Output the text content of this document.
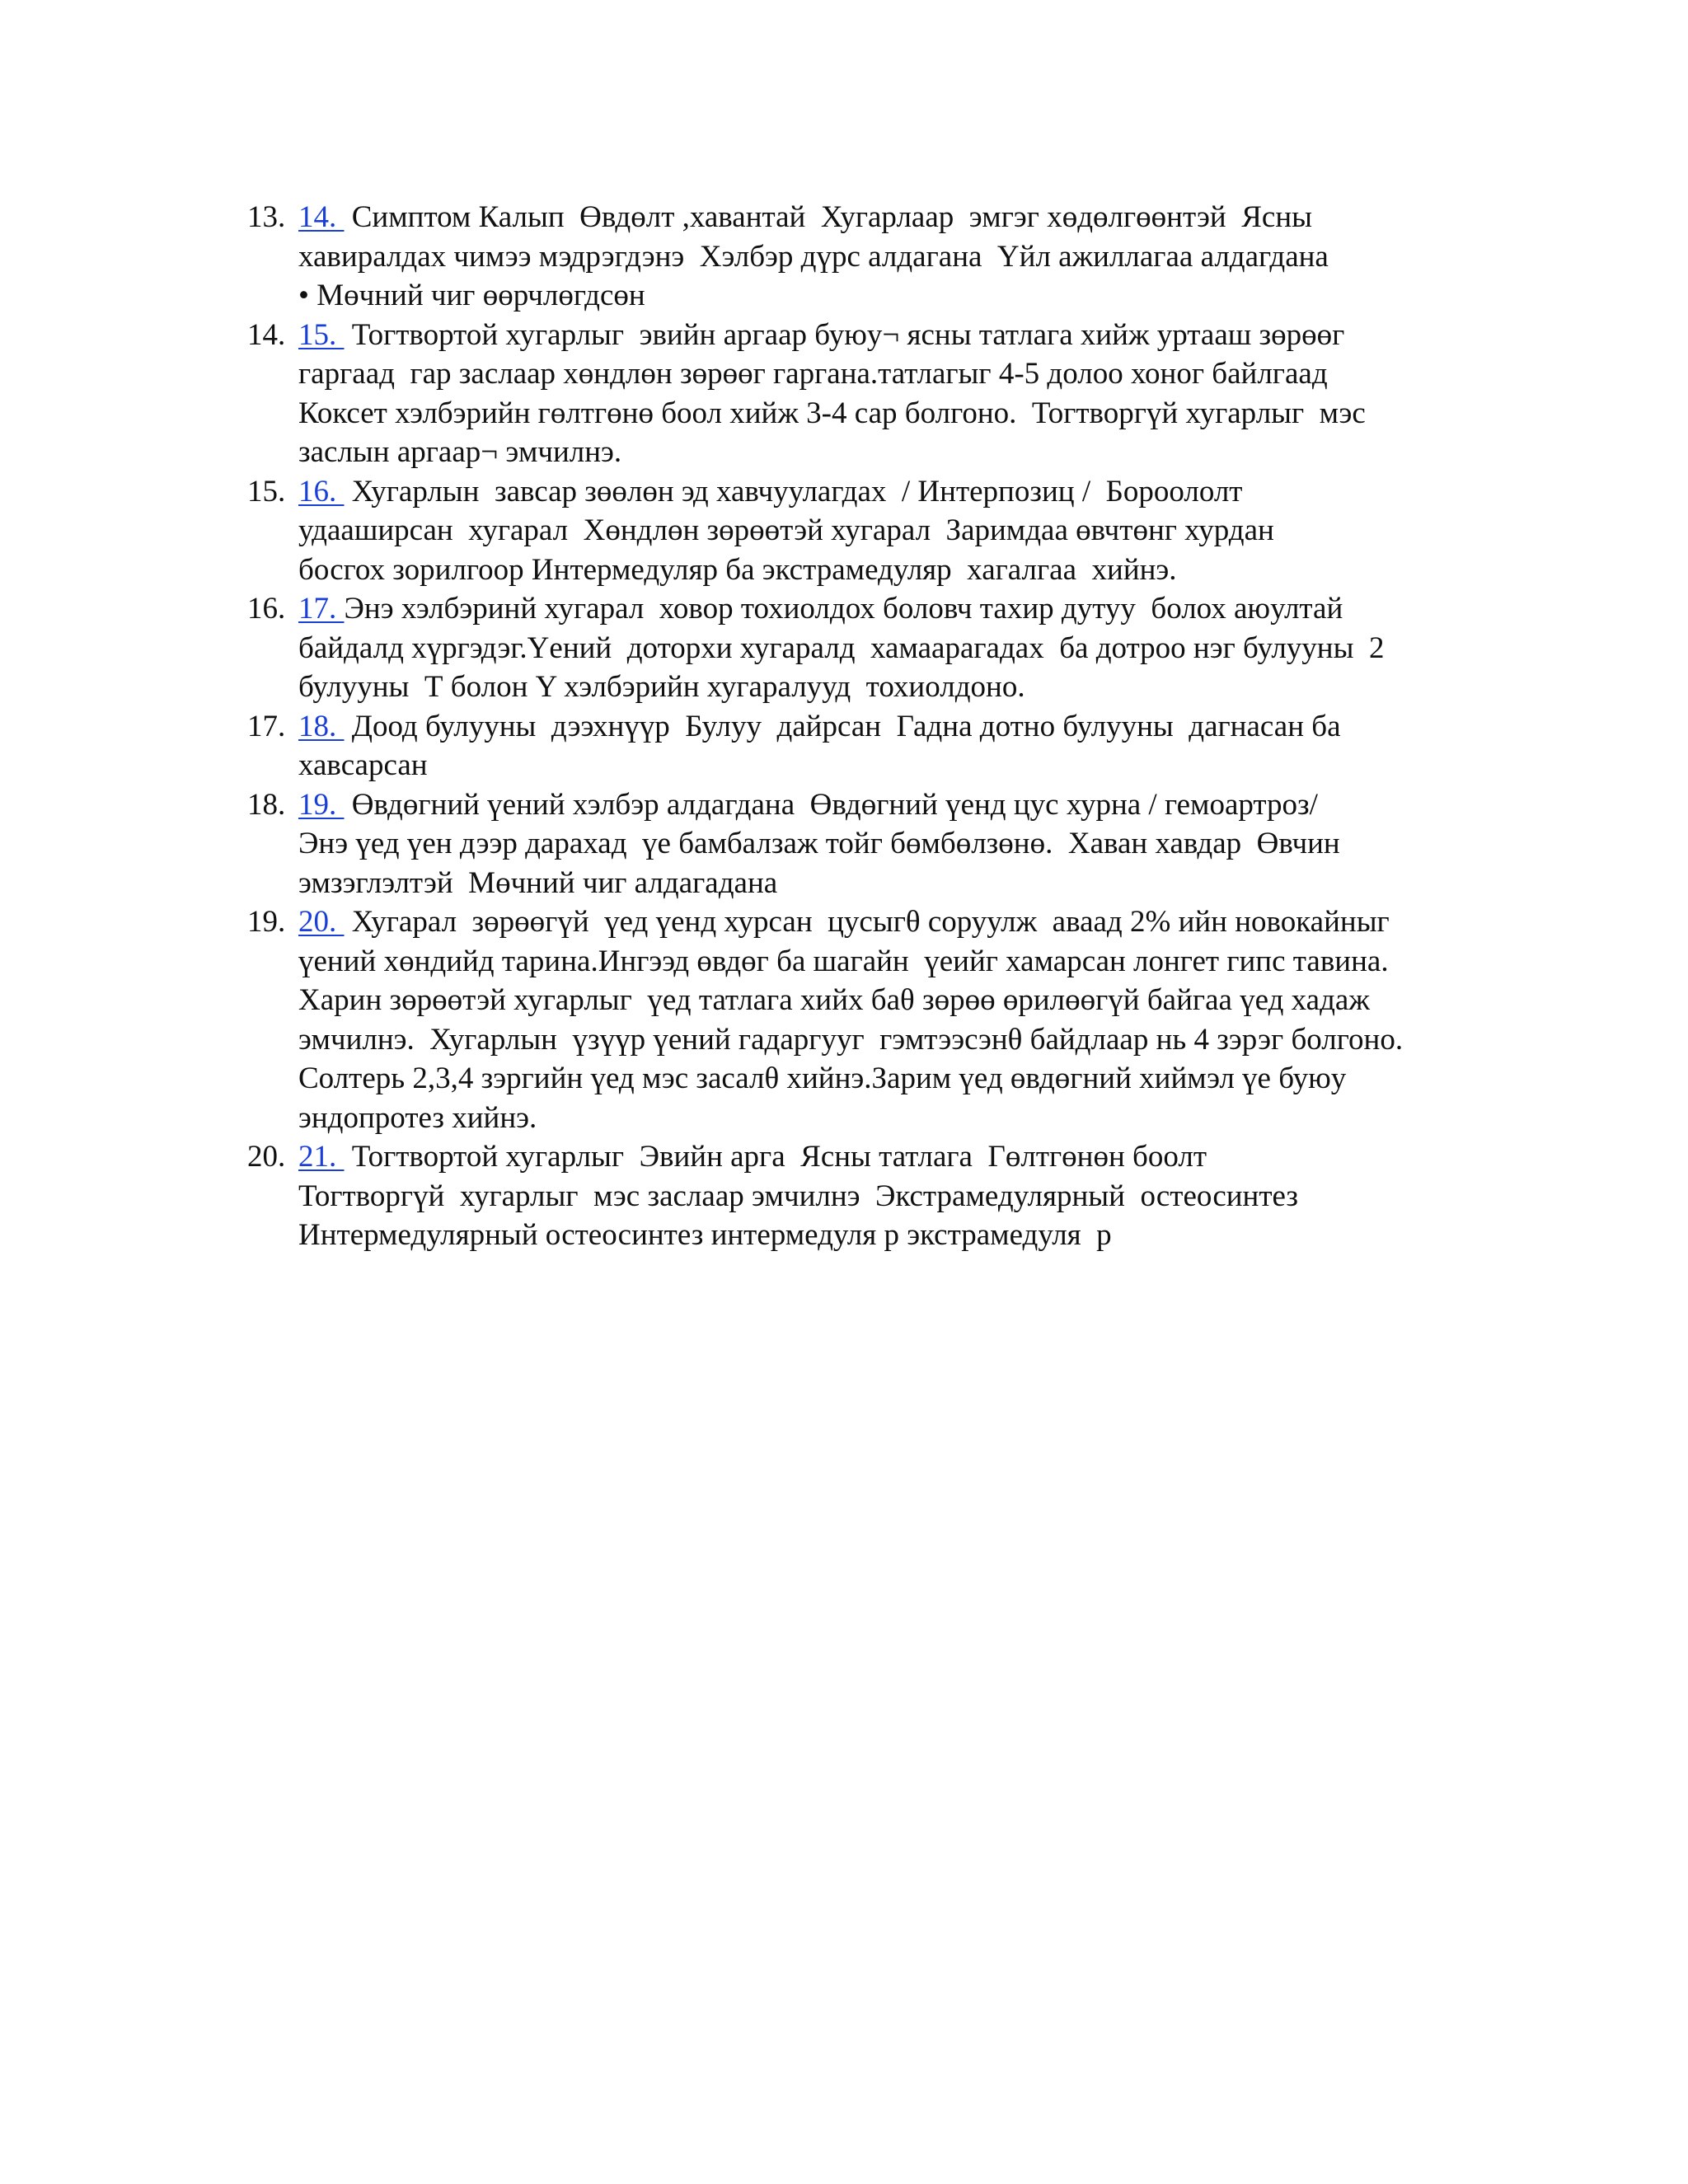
13. 14.  Симптом Калып  Өвдөлт ,хавантай  Хугарлаар  эмгэг хөдөлгөөнтэй  Ясны
хавиралдах чимээ мэдрэгдэнэ  Хэлбэр дүрс алдагана  Үйл ажиллагаа алдагдана
• Мөчний чиг өөрчлөгдсөн
14. 15.  Тогтвортой хугарлыг  эвийн аргаар буюу¬ ясны татлага хийж уртааш зөрөөг
гаргаад  гар заслаар хөндлөн зөрөөг гаргана.татлагыг 4-5 долоо хоног байлгаад
Коксет хэлбэрийн гөлтгөнө боол хийж 3-4 сар болгоно.  Тогтворгүй хугарлыг  мэс
заслын аргаар¬ эмчилнэ.
15. 16.  Хугарлын  завсар зөөлөн эд хавчуулагдах  / Интерпозиц /  Бороололт
удааширсан  хугарал  Хөндлөн зөрөөтэй хугарал  Заримдаа өвчтөнг хурдан
босгох зорилгоор Интермедуляр ба экстрамедуляр  хагалгаа  хийнэ.
16. 17. Энэ хэлбэринй хугарал  ховор тохиолдох боловч тахир дутуу  болох аюултай
байдалд хүргэдэг.Үений  доторхи хугаралд  хамаарагадах  ба дотроо нэг булууны  2
булууны  Т болон Y хэлбэрийн хугаралууд  тохиолдоно.
17. 18.  Доод булууны  дээхнүүр  Булуу  дайрсан  Гадна дотно булууны  дагнасан ба
хавсарсан
18. 19.  Өвдөгний үений хэлбэр алдагдана  Өвдөгний үенд цус хурна / гемоартроз/
Энэ үед үен дээр дарахад  үе бамбалзаж тойг бөмбөлзөнө.  Хаван хавдар  Өвчин
эмзэглэлтэй  Мөчний чиг алдагадана
19. 20.  Хугарал  зөрөөгүй  үед үенд хурсан  цусыгθ соруулж  аваад 2% ийн новокайныг
үений хөндийд тарина.Ингээд өвдөг ба шагайн  үеийг хамарсан лонгет гипс тавина.
Харин зөрөөтэй хугарлыг  үед татлага хийх баθ зөрөө өрилөөгүй байгаа үед хадаж
эмчилнэ.  Хугарлын  үзүүр үений гадаргууг  гэмтээсэнθ байдлаар нь 4 зэрэг болгоно.
Солтерь 2,3,4 зэргийн үед мэс засалθ хийнэ.Зарим үед өвдөгний хиймэл үе буюу
эндопротез хийнэ.
20. 21.  Тогтвортой хугарлыг  Эвийн арга  Ясны татлага  Гөлтгөнөн боолт
Тогтворгүй  хугарлыг  мэс заслаар эмчилнэ  Экстрамедулярный  остеосинтез
Интермедулярный остеосинтез интермедуля р экстрамедуля  р
